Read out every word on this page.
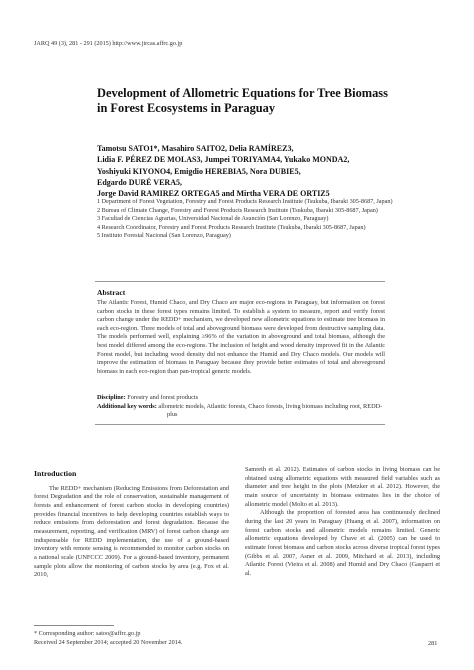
JARQ 49 (3), 281 - 291 (2015) http://www.jircas.affrc.go.jp
Development of Allometric Equations for Tree Biomass in Forest Ecosystems in Paraguay
Tamotsu SATO1*, Masahiro SAITO2, Delia RAMÍREZ3,
Lidia F. PÉREZ DE MOLAS3, Jumpei TORIYAMA4, Yukako MONDA2,
Yoshiyuki KIYONO4, Emigdio HEREBIA5, Nora DUBIE5,
Edgardo DURÉ VERA5,
Jorge David RAMIREZ ORTEGA5 and Mirtha VERA DE ORTIZ5
1 Department of Forest Vegetation, Forestry and Forest Products Research Institute (Tsukuba, Ibaraki 305-8687, Japan)
2 Bureau of Climate Change, Forestry and Forest Products Research Institute (Tsukuba, Ibaraki 305-8687, Japan)
3 Facultad de Ciencias Agrarias, Universidad Nacional de Asunción (San Lorenzo, Paraguay)
4 Research Coordinator, Forestry and Forest Products Research Institute (Tsukuba, Ibaraki 305-8687, Japan)
5 Instituto Forestal Nacional (San Lorenzo, Paraguay)
Abstract
The Atlantic Forest, Humid Chaco, and Dry Chaco are major eco-regions in Paraguay, but information on forest carbon stocks in these forest types remains limited. To establish a system to measure, report and verify forest carbon change under the REDD+ mechanism, we developed new allometric equations to estimate tree biomass in each eco-region. Three models of total and aboveground biomass were developed from destructive sampling data. The models performed well, explaining ≥96% of the variation in aboveground and total biomass, although the best model differed among the eco-regions. The inclusion of height and wood density improved fit in the Atlantic Forest model, but including wood density did not enhance the Humid and Dry Chaco models. Our models will improve the estimation of biomass in Paraguay because they provide better estimates of total and aboveground biomass in each eco-region than pan-tropical generic models.
Discipline: Forestry and forest products
Additional key words: allometric models, Atlantic forests, Chaco forests, living biomass including root, REDD-plus
Introduction

The REDD+ mechanism (Reducing Emissions from Deforestation and forest Degradation and the role of conservation, sustainable management of forests and enhancement of forest carbon stocks in developing countries) provides financial incentives to help developing countries establish ways to reduce emissions from deforestation and forest degradation. Because the measurement, reporting, and verification (MRV) of forest carbon change are indispensable for REDD implementation, the use of a ground-based inventory with remote sensing is recommended to monitor carbon stocks on a national scale (UNFCCC 2009). For a ground-based inventory, permanent sample plots allow the monitoring of carbon stocks by area (e.g. Fox et al. 2010,

Samreth et al. 2012). Estimates of carbon stocks in living biomass can be obtained using allometric equations with measured field variables such as diameter and tree height in the plots (Metzker et al. 2012). However, the main source of uncertainty in biomass estimates lies in the choice of allometric model (Molto et al. 2013).

Although the proportion of forested area has continuously declined during the last 20 years in Paraguay (Huang et al. 2007), information on forest carbon stocks and allometric models remains limited. Generic allometric equations developed by Chave et al. (2005) can be used to estimate forest biomass and carbon stocks across diverse tropical forest types (Gibbs et al. 2007, Asner et al. 2009, Mitchard et al. 2013), including Atlantic Forest (Vieira et al. 2008) and Humid and Dry Chaco (Gasparri et al.

* Corresponding author: satoo@affrc.go.jp
Received 24 September 2014; accepted 20 November 2014.	281
